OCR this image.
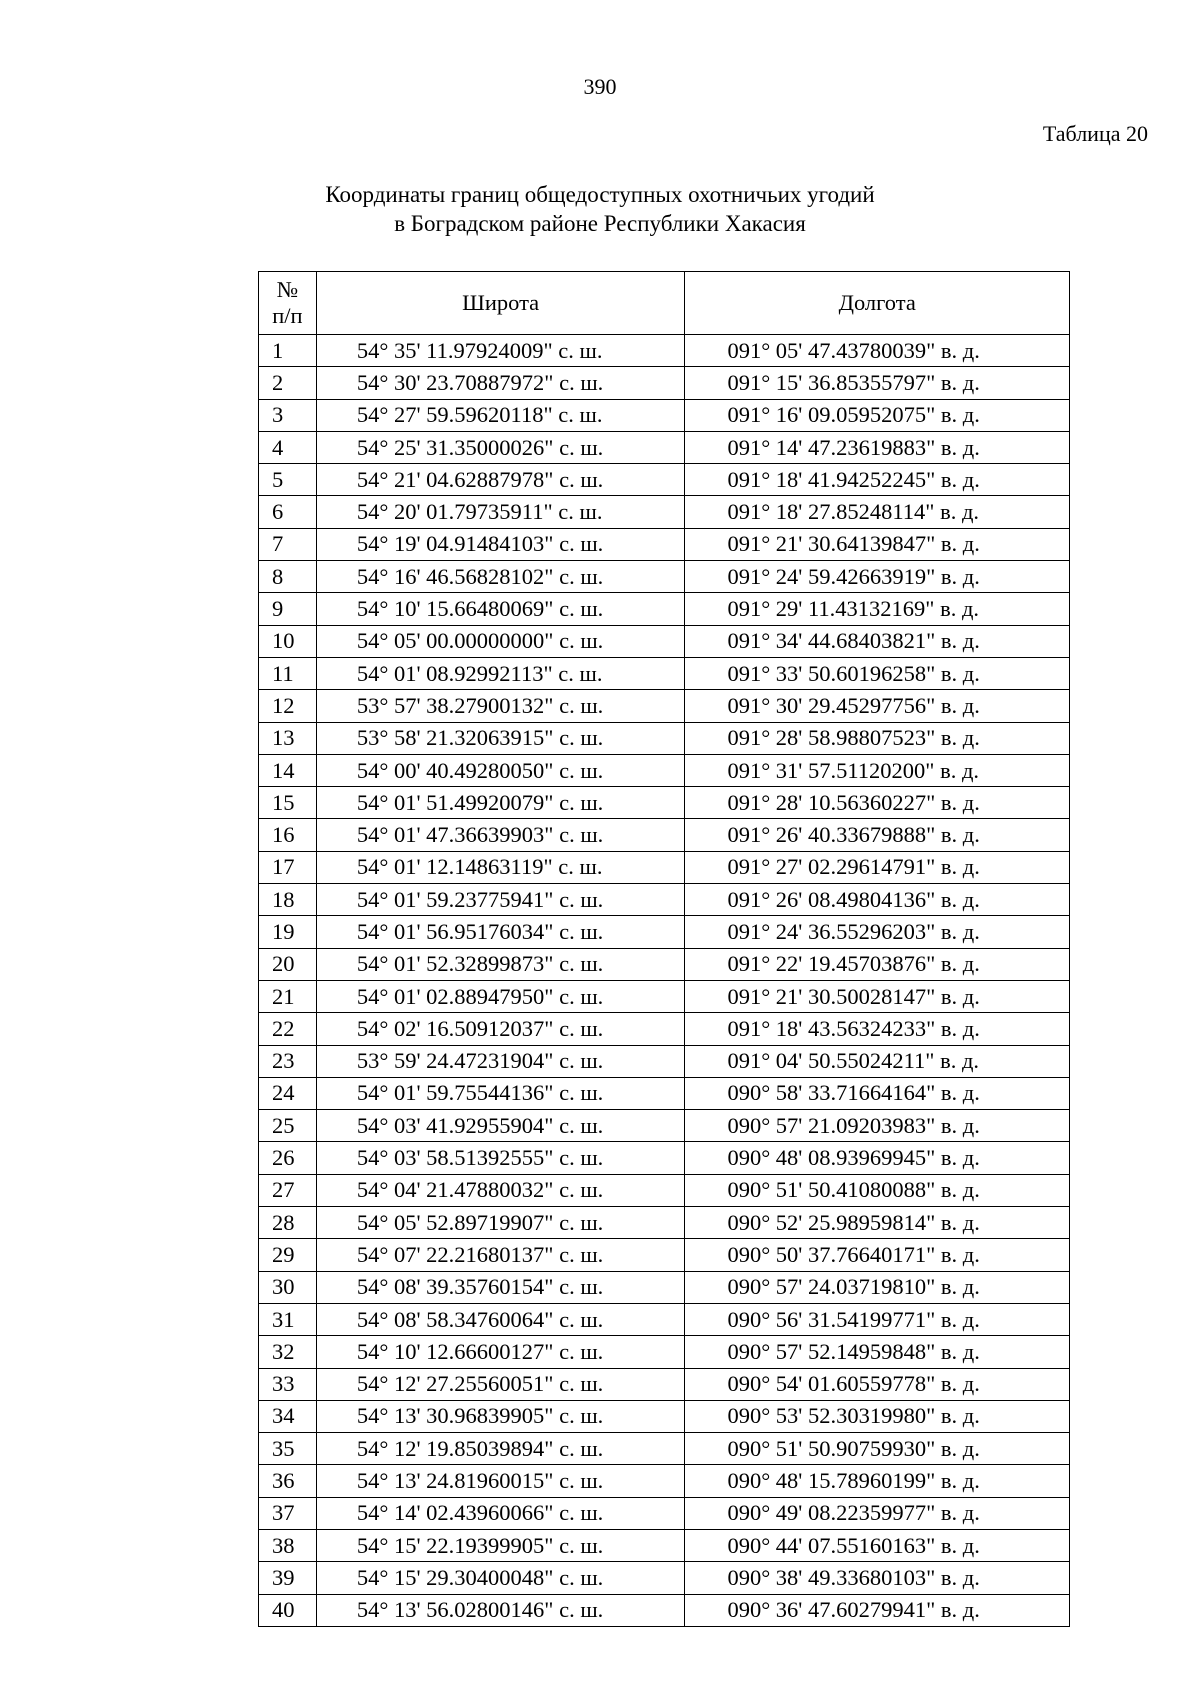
390
Таблица 20
Координаты границ общедоступных охотничьих угодий
в Боградском районе Республики Хакасия
№
п/п	Широта	Долгота
1	54° 35' 11.97924009" с. ш.	091° 05' 47.43780039" в. д.
2	54° 30' 23.70887972" с. ш.	091° 15' 36.85355797" в. д.
3	54° 27' 59.59620118" с. ш.	091° 16' 09.05952075" в. д.
4	54° 25' 31.35000026" с. ш.	091° 14' 47.23619883" в. д.
5	54° 21' 04.62887978" с. ш.	091° 18' 41.94252245" в. д.
6	54° 20' 01.79735911" с. ш.	091° 18' 27.85248114" в. д.
7	54° 19' 04.91484103" с. ш.	091° 21' 30.64139847" в. д.
8	54° 16' 46.56828102" с. ш.	091° 24' 59.42663919" в. д.
9	54° 10' 15.66480069" с. ш.	091° 29' 11.43132169" в. д.
10	54° 05' 00.00000000" с. ш.	091° 34' 44.68403821" в. д.
11	54° 01' 08.92992113" с. ш.	091° 33' 50.60196258" в. д.
12	53° 57' 38.27900132" с. ш.	091° 30' 29.45297756" в. д.
13	53° 58' 21.32063915" с. ш.	091° 28' 58.98807523" в. д.
14	54° 00' 40.49280050" с. ш.	091° 31' 57.51120200" в. д.
15	54° 01' 51.49920079" с. ш.	091° 28' 10.56360227" в. д.
16	54° 01' 47.36639903" с. ш.	091° 26' 40.33679888" в. д.
17	54° 01' 12.14863119" с. ш.	091° 27' 02.29614791" в. д.
18	54° 01' 59.23775941" с. ш.	091° 26' 08.49804136" в. д.
19	54° 01' 56.95176034" с. ш.	091° 24' 36.55296203" в. д.
20	54° 01' 52.32899873" с. ш.	091° 22' 19.45703876" в. д.
21	54° 01' 02.88947950" с. ш.	091° 21' 30.50028147" в. д.
22	54° 02' 16.50912037" с. ш.	091° 18' 43.56324233" в. д.
23	53° 59' 24.47231904" с. ш.	091° 04' 50.55024211" в. д.
24	54° 01' 59.75544136" с. ш.	090° 58' 33.71664164" в. д.
25	54° 03' 41.92955904" с. ш.	090° 57' 21.09203983" в. д.
26	54° 03' 58.51392555" с. ш.	090° 48' 08.93969945" в. д.
27	54° 04' 21.47880032" с. ш.	090° 51' 50.41080088" в. д.
28	54° 05' 52.89719907" с. ш.	090° 52' 25.98959814" в. д.
29	54° 07' 22.21680137" с. ш.	090° 50' 37.76640171" в. д.
30	54° 08' 39.35760154" с. ш.	090° 57' 24.03719810" в. д.
31	54° 08' 58.34760064" с. ш.	090° 56' 31.54199771" в. д.
32	54° 10' 12.66600127" с. ш.	090° 57' 52.14959848" в. д.
33	54° 12' 27.25560051" с. ш.	090° 54' 01.60559778" в. д.
34	54° 13' 30.96839905" с. ш.	090° 53' 52.30319980" в. д.
35	54° 12' 19.85039894" с. ш.	090° 51' 50.90759930" в. д.
36	54° 13' 24.81960015" с. ш.	090° 48' 15.78960199" в. д.
37	54° 14' 02.43960066" с. ш.	090° 49' 08.22359977" в. д.
38	54° 15' 22.19399905" с. ш.	090° 44' 07.55160163" в. д.
39	54° 15' 29.30400048" с. ш.	090° 38' 49.33680103" в. д.
40	54° 13' 56.02800146" с. ш.	090° 36' 47.60279941" в. д.
